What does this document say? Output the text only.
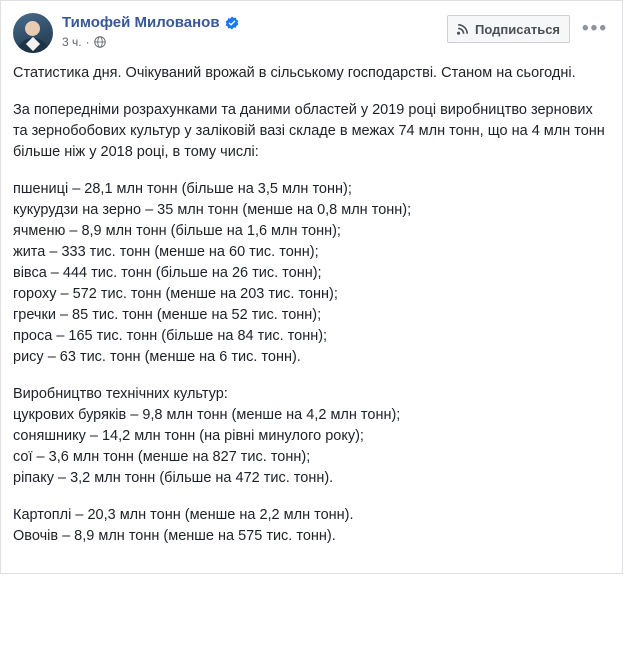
Тимофей Милованов
3 ч. ·
Подписаться •••

Статистика дня. Очікуваний врожай в сільському господарстві. Станом на сьогодні.

За попередніми розрахунками та даними областей у 2019 році виробництво зернових та зернобобових культур у заліковій вазі складе в межах 74 млн тонн, що на 4 млн тонн більше ніж у 2018 році, в тому числі:

пшениці – 28,1 млн тонн (більше на 3,5 млн тонн);

кукурудзи на зерно – 35 млн тонн (менше на 0,8 млн тонн);

ячменю – 8,9 млн тонн (більше на 1,6 млн тонн);

жита – 333 тис. тонн (менше на 60 тис. тонн);

вівса – 444 тис. тонн (більше на 26 тис. тонн);

гороху – 572 тис. тонн (менше на 203 тис. тонн);

гречки – 85 тис. тонн (менше на 52 тис. тонн);

проса – 165 тис. тонн (більше на 84 тис. тонн);

рису – 63 тис. тонн (менше на 6 тис. тонн).

Виробництво технічних культур:

цукрових буряків – 9,8 млн тонн (менше на 4,2 млн тонн);

соняшнику – 14,2 млн тонн (на рівні минулого року);

сої – 3,6 млн тонн (менше на 827 тис. тонн);

ріпаку – 3,2 млн тонн (більше на 472 тис. тонн).

Картоплі – 20,3 млн тонн (менше на 2,2 млн тонн).

Овочів – 8,9 млн тонн (менше на 575 тис. тонн).
